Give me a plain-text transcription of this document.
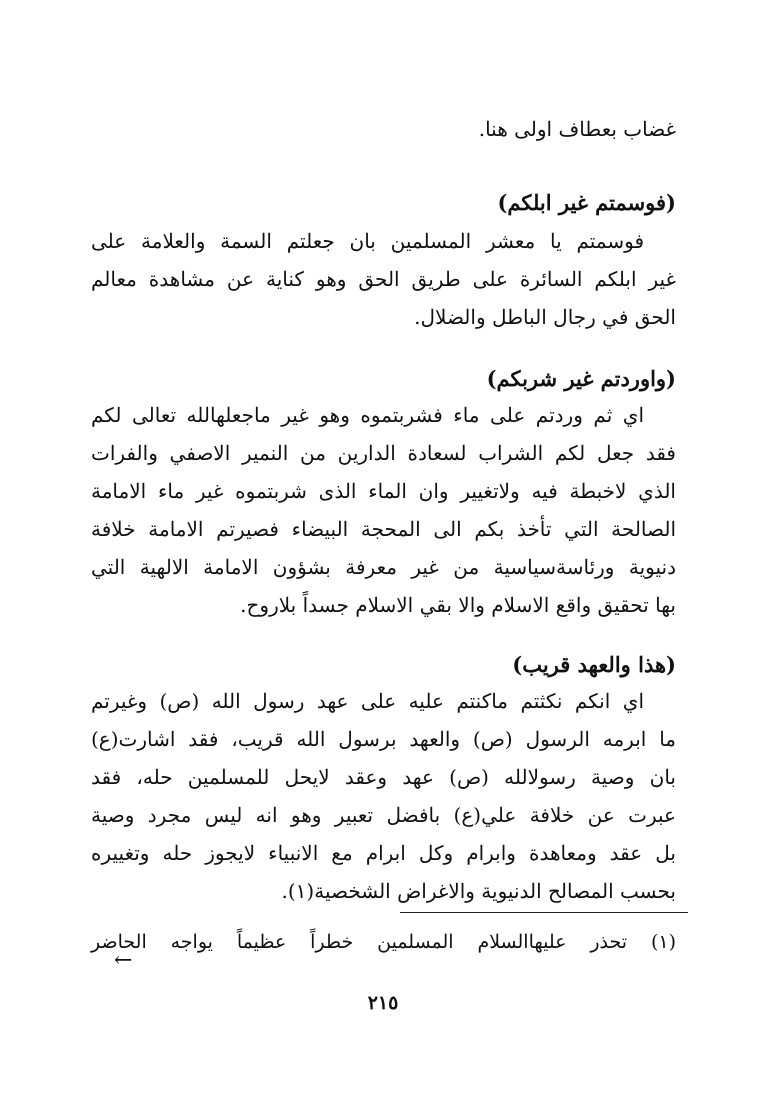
غضاب بعطاف اولى هنا.
(فوسمتم غير ابلكم)
فوسمتم يا معشر المسلمين بان جعلتم السمة والعلامة على
غير ابلكم السائرة على طريق الحق وهو كناية عن مشاهدة معالم
الحق في رجال الباطل والضلال.
(واوردتم غير شربكم)
اي ثم وردتم على ماء فشربتموه وهو غير ماجعلهالله تعالى لكم
فقد جعل لكم الشراب لسعادة الدارين من النمير الاصفي والفرات
الذي لاخبطة فيه ولاتغيير وان الماء الذى شربتموه غير ماء الامامة
الصالحة التي تأخذ بكم الى المحجة البيضاء فصيرتم الامامة خلافة
دنيوية ورئاسةسياسية من غير معرفة بشؤون الامامة الالهية التي
بها تحقيق واقع الاسلام والا بقي الاسلام جسداً بلاروح.
(هذا والعهد قريب)
اي انكم نكثتم ماكنتم عليه على عهد رسول الله (ص) وغيرتم
ما ابرمه الرسول (ص) والعهد برسول الله قريب، فقد اشارت(ع)
بان وصية رسولالله (ص) عهد وعقد لايحل للمسلمين حله، فقد
عبرت عن خلافة علي(ع) بافضل تعبير وهو انه ليس مجرد وصية
بل عقد ومعاهدة وابرام وكل ابرام مع الانبياء لايجوز حله وتغييره
بحسب المصالح الدنيوية والاغراض الشخصية(١).
(١) تحذر عليهاالسلام المسلمين خطراً عظيماً يواجه الحاضر
←
٢١٥
